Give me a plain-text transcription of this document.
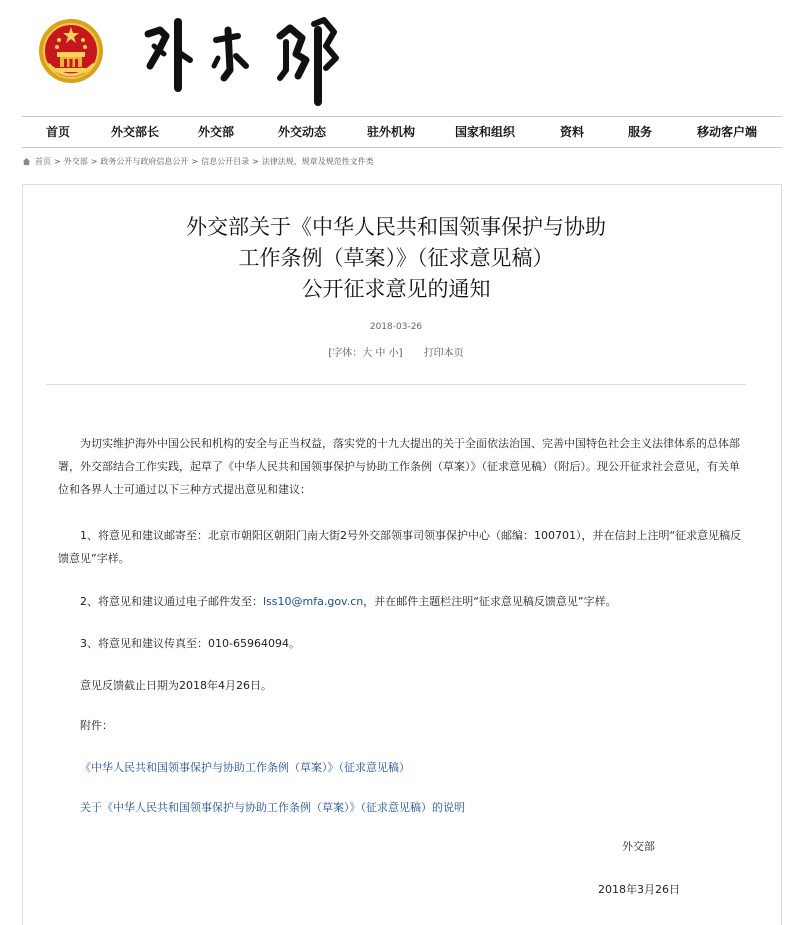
首页	外交部长	外交部	外交动态	驻外机构	国家和组织	资料	服务	移动客户端
首页 > 外交部 > 政务公开与政府信息公开 > 信息公开目录 > 法律法规、规章及规范性文件类
外交部关于《中华人民共和国领事保护与协助
工作条例（草案）》（征求意见稿）
公开征求意见的通知
2018-03-26
[字体：大 中 小] 打印本页

为切实维护海外中国公民和机构的安全与正当权益，落实党的十九大提出的关于全面依法治国、完善中国特色社会主义法律体系的总体部署，外交部结合工作实践，起草了《中华人民共和国领事保护与协助工作条例（草案）》（征求意见稿）（附后）。现公开征求社会意见，有关单位和各界人士可通过以下三种方式提出意见和建议：

1、将意见和建议邮寄至：北京市朝阳区朝阳门南大街2号外交部领事司领事保护中心（邮编：100701），并在信封上注明“征求意见稿反馈意见”字样。

2、将意见和建议通过电子邮件发至：lss10@mfa.gov.cn，并在邮件主题栏注明“征求意见稿反馈意见”字样。

3、将意见和建议传真至：010-65964094。

意见反馈截止日期为2018年4月26日。

附件：

《中华人民共和国领事保护与协助工作条例（草案）》（征求意见稿）

关于《中华人民共和国领事保护与协助工作条例（草案）》（征求意见稿）的说明

外交部
2018年3月26日
